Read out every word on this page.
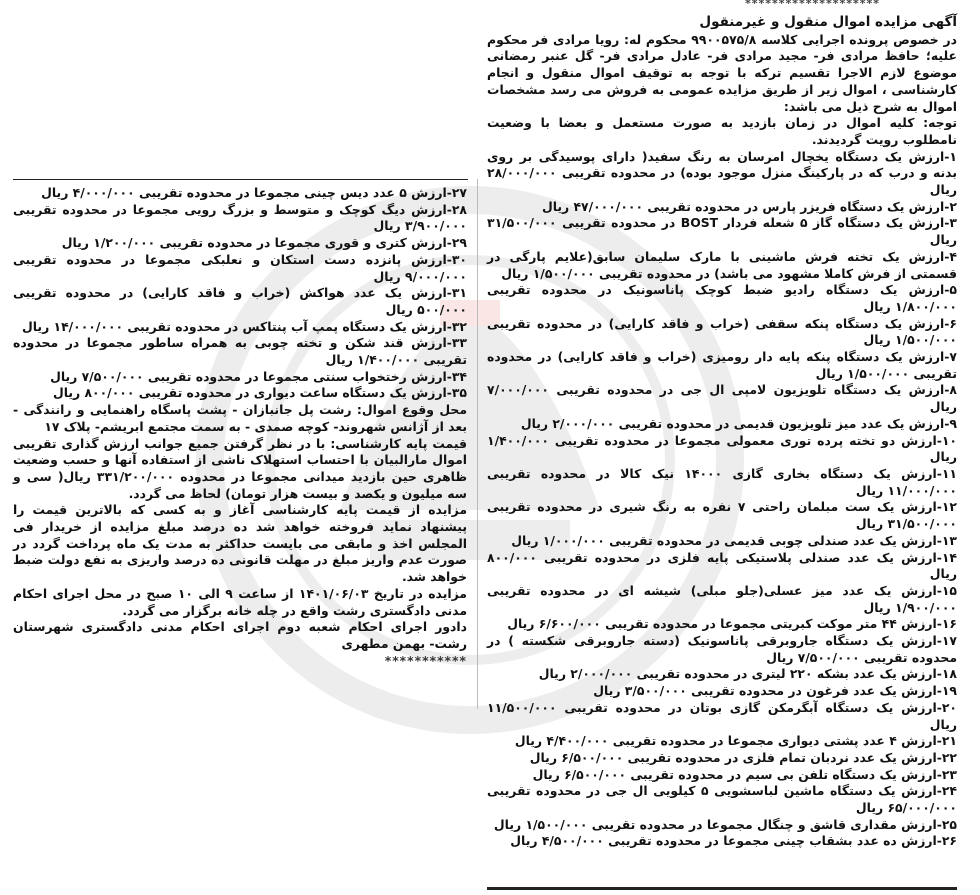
********************

آگهی مزایده اموال منقول و غیرمنقول

در خصوص پرونده اجرایی کلاسه ۹۹۰۰۵۷۵/۸ محکوم له: رویا مرادی فر محکوم علیه؛ حافظ مرادی فر- مجید مرادی فر- عادل مرادی فر- گل عنبر رمضانی موضوع لازم الاجرا تقسیم ترکه با توجه به توقیف اموال منقول و انجام کارشناسی ، اموال زیر از طریق مزایده عمومی به فروش می رسد مشخصات اموال به شرح ذیل می باشد:

توجه: کلیه اموال در زمان بازدید به صورت مستعمل و بعضا با وضعیت نامطلوب رویت گردیدند.

۱-ارزش یک دستگاه یخچال امرسان به رنگ سفید( دارای پوسیدگی بر روی بدنه و درب که در پارکینگ منزل موجود بوده) در محدوده تقریبی ۲۸/۰۰۰/۰۰۰ ریال

۲-ارزش یک دستگاه فریزر پارس در محدوده تقریبی ۴۷/۰۰۰/۰۰۰ ریال

۳-ارزش یک دستگاه گاز ۵ شعله فردار BOST در محدوده تقریبی ۳۱/۵۰۰/۰۰۰ ریال

۴-ارزش یک تخته فرش ماشینی با مارک سلیمان سابق(علایم پارگی در قسمتی از فرش کاملا مشهود می باشد) در محدوده تقریبی ۱/۵۰۰/۰۰۰ ریال

۵-ارزش یک دستگاه رادیو ضبط کوچک پاناسونیک در محدوده تقریبی ۱/۸۰۰/۰۰۰ ریال

۶-ارزش یک دستگاه پنکه سقفی (خراب و فاقد کارایی) در محدوده تقریبی ۱/۵۰۰/۰۰۰ ریال

۷-ارزش یک دستگاه پنکه پایه دار رومیزی (خراب و فاقد کارایی) در محدوده تقریبی ۱/۵۰۰/۰۰۰ ریال

۸-ارزش یک دستگاه تلویزیون لامپی ال جی در محدوده تقریبی ۷/۰۰۰/۰۰۰ ریال

۹-ارزش یک عدد میز تلویزیون قدیمی در محدوده تقریبی ۲/۰۰۰/۰۰۰ ریال

۱۰-ارزش دو تخته پرده توری معمولی مجموعا در محدوده تقریبی ۱/۴۰۰/۰۰۰ ریال

۱۱-ارزش یک دستگاه بخاری گازی ۱۴۰۰۰ نیک کالا در محدوده تقریبی ۱۱/۰۰۰/۰۰۰ ریال

۱۲-ارزش یک ست مبلمان راحتی ۷ نفره به رنگ شیری در محدوده تقریبی ۳۱/۵۰۰/۰۰۰ ریال

۱۳-ارزش یک عدد صندلی چوبی قدیمی در محدوده تقریبی ۱/۰۰۰/۰۰۰ ریال

۱۴-ارزش یک عدد صندلی پلاستیکی پایه فلزی در محدوده تقریبی ۸۰۰/۰۰۰ ریال

۱۵-ارزش یک عدد میز عسلی(جلو مبلی) شیشه ای در محدوده تقریبی ۱/۹۰۰/۰۰۰ ریال

۱۶-ارزش ۴۴ متر موکت کبریتی مجموعا در محدوده تقریبی ۶/۶۰۰/۰۰۰ ریال

۱۷-ارزش یک دستگاه جاروبرقی پاناسونیک (دسته جاروبرقی شکسته ) در محدوده تقریبی ۷/۵۰۰/۰۰۰ ریال

۱۸-ارزش یک عدد بشکه ۲۲۰ لیتری در محدوده تقریبی ۲/۰۰۰/۰۰۰ ریال

۱۹-ارزش یک عدد فرغون در محدوده تقریبی ۳/۵۰۰/۰۰۰ ریال

۲۰-ارزش یک دستگاه آبگرمکن گازی بوتان در محدوده تقریبی ۱۱/۵۰۰/۰۰۰ ریال

۲۱-ارزش ۴ عدد پشتی دیواری مجموعا در محدوده تقریبی ۴/۴۰۰/۰۰۰ ریال

۲۲-ارزش یک عدد نردبان تمام فلزی در محدوده تقریبی ۶/۵۰۰/۰۰۰ ریال

۲۳-ارزش یک دستگاه تلفن بی سیم در محدوده تقریبی ۶/۵۰۰/۰۰۰ ریال

۲۴-ارزش یک دستگاه ماشین لباسشویی ۵ کیلویی ال جی در محدوده تقریبی ۶۵/۰۰۰/۰۰۰ ریال

۲۵-ارزش مقداری قاشق و چنگال مجموعا در محدوده تقریبی ۱/۵۰۰/۰۰۰ ریال

۲۶-ارزش ده عدد بشقاب چینی مجموعا در محدوده تقریبی ۴/۵۰۰/۰۰۰ ریال

۲۷-ارزش ۵ عدد دیس چینی مجموعا در محدوده تقریبی ۴/۰۰۰/۰۰۰ ریال

۲۸-ارزش دیگ کوچک و متوسط و بزرگ رویی مجموعا در محدوده تقریبی ۳/۹۰۰/۰۰۰ ریال

۲۹-ارزش کتری و قوری مجموعا در محدوده تقریبی ۱/۲۰۰/۰۰۰ ریال

۳۰-ارزش پانزده دست استکان و نعلبکی مجموعا در محدوده تقریبی ۹/۰۰۰/۰۰۰ ریال

۳۱-ارزش یک عدد هواکش (خراب و فاقد کارایی) در محدوده تقریبی ۵۰۰/۰۰۰ ریال

۳۲-ارزش یک دستگاه پمپ آب پنتاکس در محدوده تقریبی ۱۴/۰۰۰/۰۰۰ ریال

۳۳-ارزش قند شکن و تخته چوبی به همراه ساطور مجموعا در محدوده تقریبی ۱/۴۰۰/۰۰۰ ریال

۳۴-ارزش رختخواب سنتی مجموعا در محدوده تقریبی ۷/۵۰۰/۰۰۰ ریال

۳۵-ارزش یک دستگاه ساعت دیواری در محدوده تقریبی ۸۰۰/۰۰۰ ریال

محل وقوع اموال: رشت پل جانبازان - پشت پاسگاه راهنمایی و رانندگی - بعد از آژانس شهروند- کوچه صمدی - به سمت مجتمع ابریشم- پلاک ۱۷

قیمت پایه کارشناسی: با در نظر گرفتن جمیع جوانب ارزش گذاری تقریبی اموال مارالبیان با احتساب استهلاک ناشی از استفاده آنها و حسب وضعیت ظاهری حین بازدید میدانی مجموعا در محدوده ۳۳۱/۲۰۰/۰۰۰ ریال( سی و سه میلیون و یکصد و بیست هزار تومان) لحاظ می گردد.

مزایده از قیمت پایه کارشناسی آغاز و به کسی که بالاترین قیمت را پیشنهاد نماید فروخته خواهد شد ده درصد مبلغ مزایده از خریدار فی المجلس اخذ و مابقی می بایست حداکثر به مدت یک ماه پرداخت گردد در صورت عدم واریز مبلغ در مهلت قانونی ده درصد واریزی به نفع دولت ضبط خواهد شد.

مزایده در تاریخ ۱۴۰۱/۰۶/۰۳ از ساعت ۹ الی ۱۰ صبح در محل اجرای احکام مدنی دادگستری رشت واقع در چله خانه برگزار می گردد.

دادور اجرای احکام شعبه دوم اجرای احکام مدنی دادگستری شهرستان رشت- بهمن مطهری

***********
